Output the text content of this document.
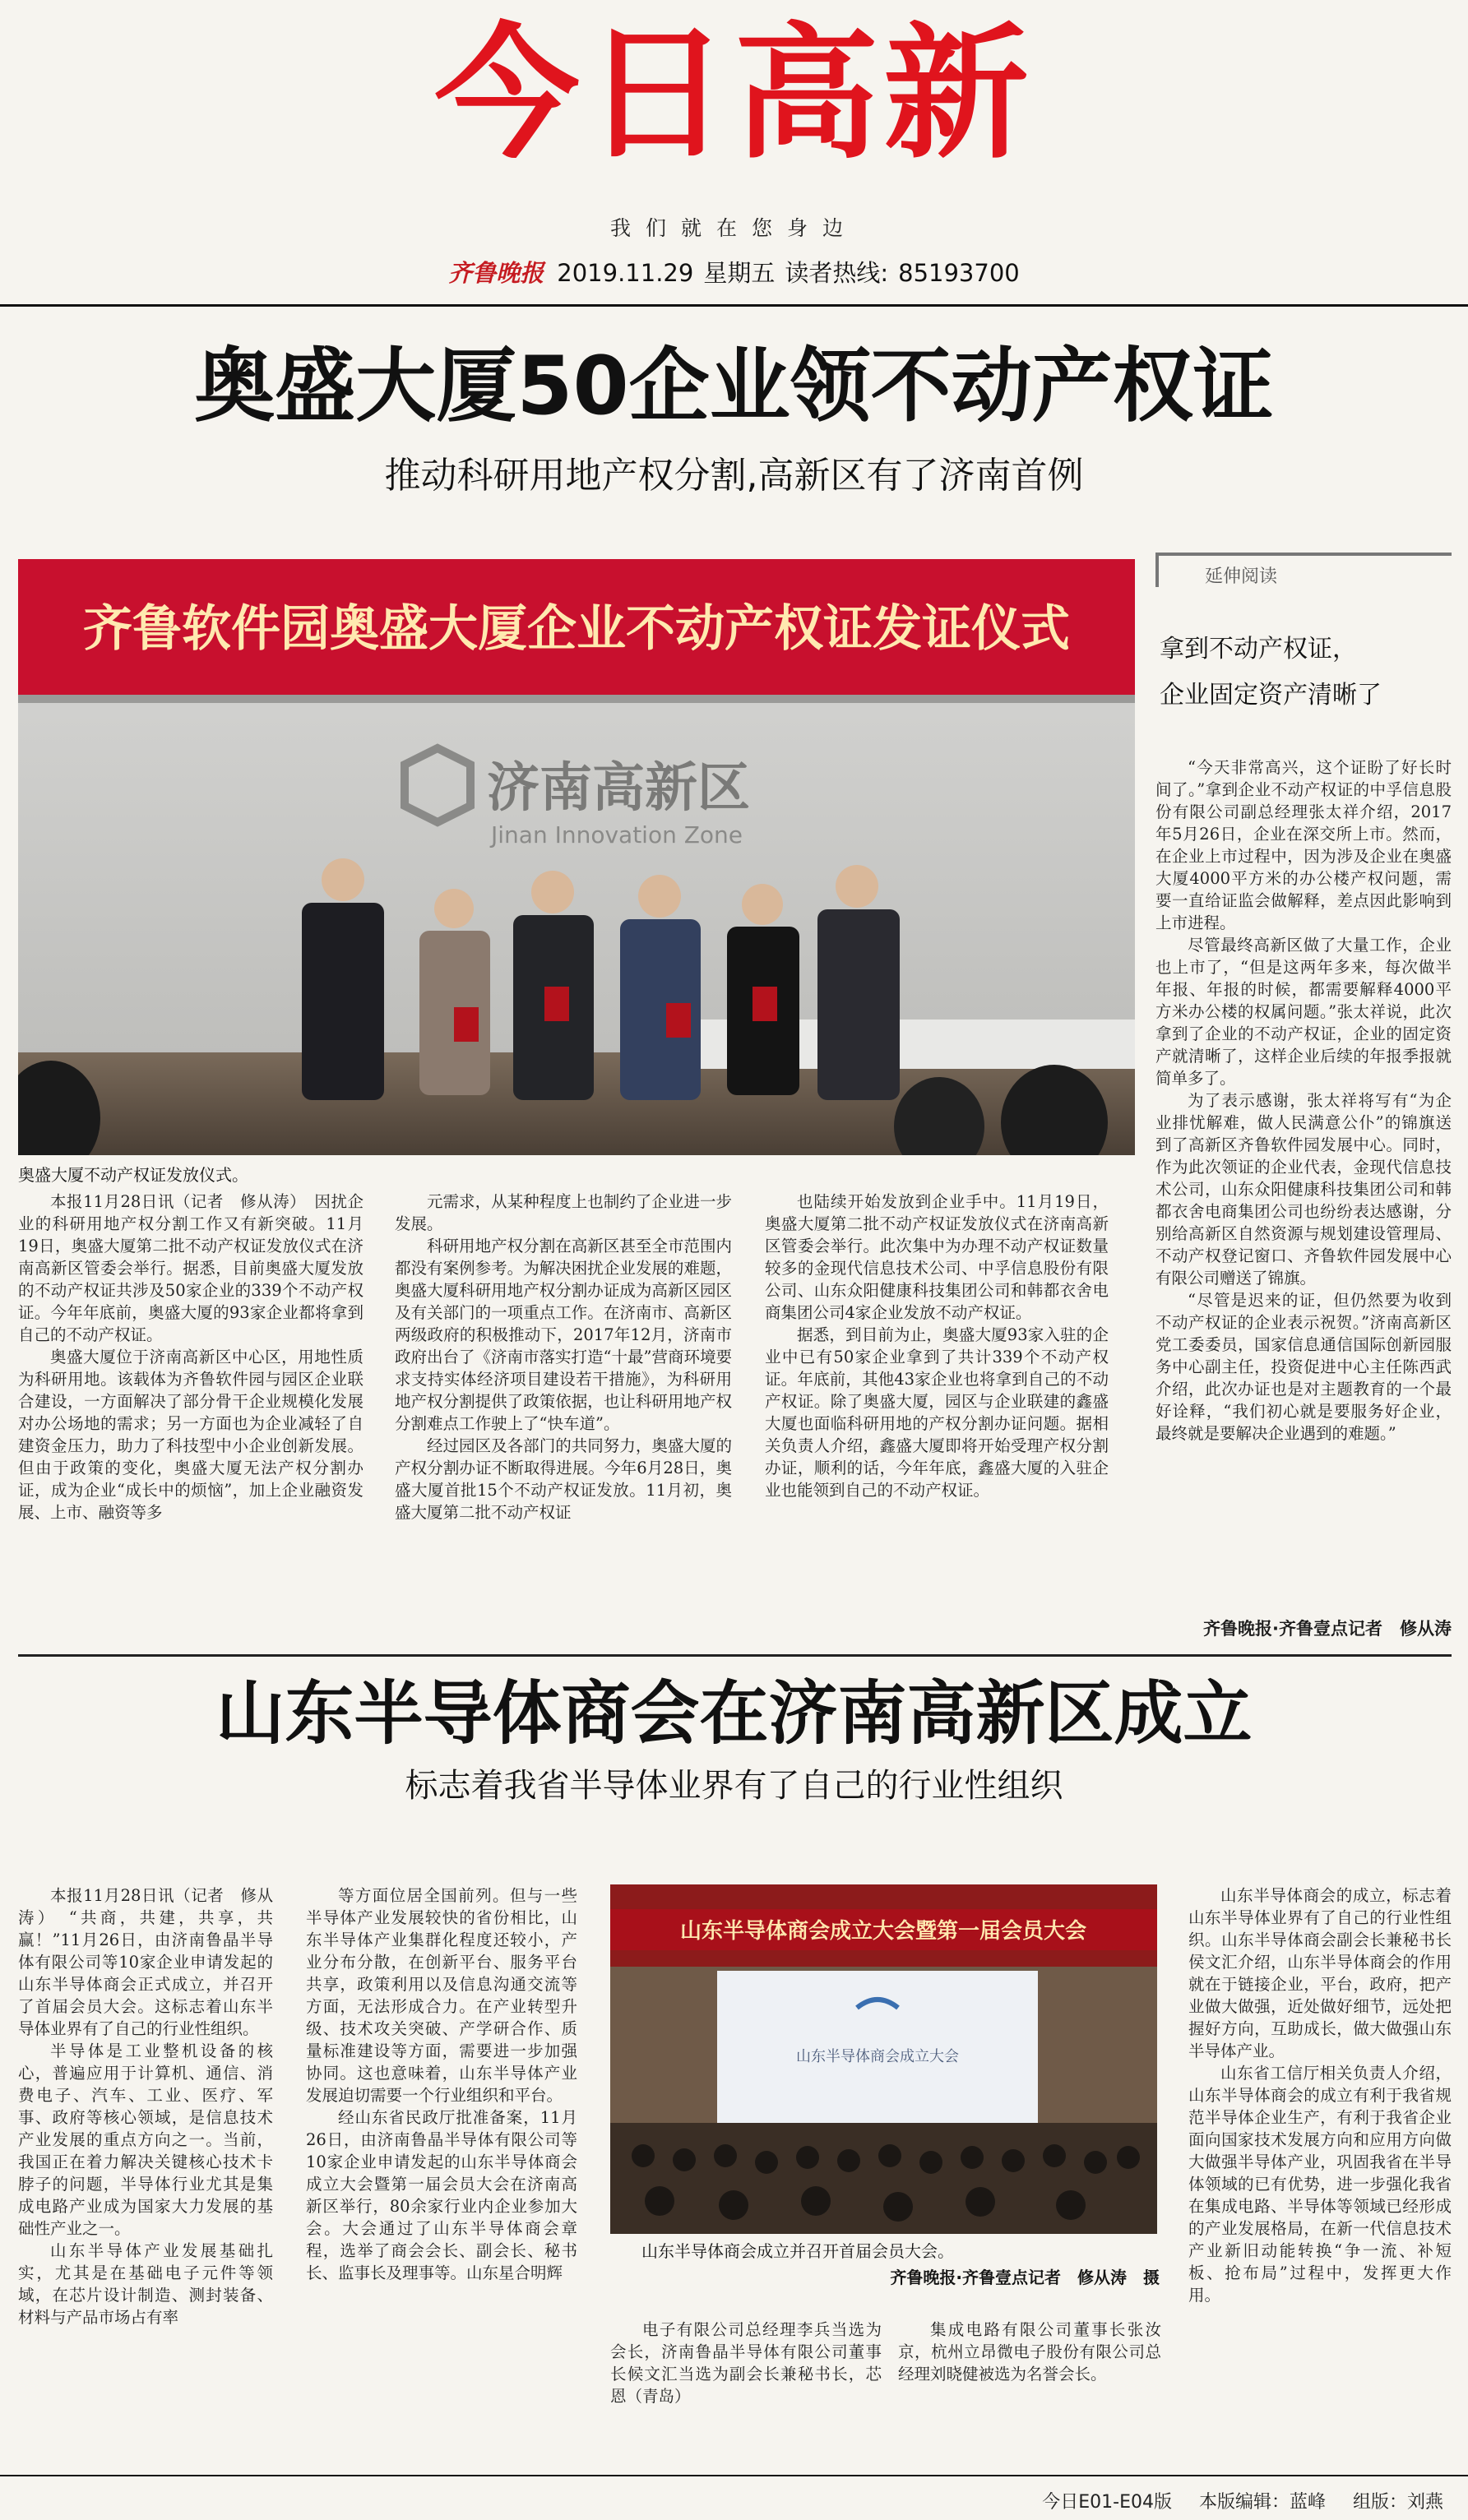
今日高新
我们就在您身边
齐鲁晚报 2019.11.29 星期五 读者热线: 85193700
奥盛大厦50企业领不动产权证
推动科研用地产权分割,高新区有了济南首例
齐鲁软件园奥盛大厦企业不动产权证发证仪式
济南高新区
Jinan Innovation Zone
奥盛大厦不动产权证发放仪式。

本报11月28日讯（记者　修从涛）　因扰企业的科研用地产权分割工作又有新突破。11月19日，奥盛大厦第二批不动产权证发放仪式在济南高新区管委会举行。据悉，目前奥盛大厦发放的不动产权证共涉及50家企业的339个不动产权证。今年年底前，奥盛大厦的93家企业都将拿到自己的不动产权证。

奥盛大厦位于济南高新区中心区，用地性质为科研用地。该载体为齐鲁软件园与园区企业联合建设，一方面解决了部分骨干企业规模化发展对办公场地的需求；另一方面也为企业减轻了自建资金压力，助力了科技型中小企业创新发展。但由于政策的变化，奥盛大厦无法产权分割办证，成为企业“成长中的烦恼”，加上企业融资发展、上市、融资等多

元需求，从某种程度上也制约了企业进一步发展。

科研用地产权分割在高新区甚至全市范围内都没有案例参考。为解决困扰企业发展的难题，奥盛大厦科研用地产权分割办证成为高新区园区及有关部门的一项重点工作。在济南市、高新区两级政府的积极推动下，2017年12月，济南市政府出台了《济南市落实打造“十最”营商环境要求支持实体经济项目建设若干措施》，为科研用地产权分割提供了政策依据，也让科研用地产权分割难点工作驶上了“快车道”。

经过园区及各部门的共同努力，奥盛大厦的产权分割办证不断取得进展。今年6月28日，奥盛大厦首批15个不动产权证发放。11月初，奥盛大厦第二批不动产权证

也陆续开始发放到企业手中。11月19日，奥盛大厦第二批不动产权证发放仪式在济南高新区管委会举行。此次集中为办理不动产权证数量较多的金现代信息技术公司、中孚信息股份有限公司、山东众阳健康科技集团公司和韩都衣舍电商集团公司4家企业发放不动产权证。

据悉，到目前为止，奥盛大厦93家入驻的企业中已有50家企业拿到了共计339个不动产权证。年底前，其他43家企业也将拿到自己的不动产权证。除了奥盛大厦，园区与企业联建的鑫盛大厦也面临科研用地的产权分割办证问题。据相关负责人介绍，鑫盛大厦即将开始受理产权分割办证，顺利的话，今年年底，鑫盛大厦的入驻企业也能领到自己的不动产权证。

延伸阅读
拿到不动产权证，
企业固定资产清晰了

“今天非常高兴，这个证盼了好长时间了。”拿到企业不动产权证的中孚信息股份有限公司副总经理张太祥介绍，2017年5月26日，企业在深交所上市。然而，在企业上市过程中，因为涉及企业在奥盛大厦4000平方米的办公楼产权问题，需要一直给证监会做解释，差点因此影响到上市进程。

尽管最终高新区做了大量工作，企业也上市了，“但是这两年多来，每次做半年报、年报的时候，都需要解释4000平方米办公楼的权属问题。”张太祥说，此次拿到了企业的不动产权证，企业的固定资产就清晰了，这样企业后续的年报季报就简单多了。

为了表示感谢，张太祥将写有“为企业排忧解难，做人民满意公仆”的锦旗送到了高新区齐鲁软件园发展中心。同时，作为此次领证的企业代表，金现代信息技术公司，山东众阳健康科技集团公司和韩都衣舍电商集团公司也纷纷表达感谢，分别给高新区自然资源与规划建设管理局、不动产权登记窗口、齐鲁软件园发展中心有限公司赠送了锦旗。

“尽管是迟来的证，但仍然要为收到不动产权证的企业表示祝贺。”济南高新区党工委委员，国家信息通信国际创新园服务中心副主任，投资促进中心主任陈西武介绍，此次办证也是对主题教育的一个最好诠释，“我们初心就是要服务好企业，最终就是要解决企业遇到的难题。”

齐鲁晚报·齐鲁壹点记者　修从涛
山东半导体商会在济南高新区成立
标志着我省半导体业界有了自己的行业性组织
山东半导体商会成立大会暨第一届会员大会
山东半导体商会成立大会
山东半导体商会成立并召开首届会员大会。
齐鲁晚报·齐鲁壹点记者　修从涛　摄

本报11月28日讯（记者　修从涛）　“共商，共建，共享，共赢！”11月26日，由济南鲁晶半导体有限公司等10家企业申请发起的山东半导体商会正式成立，并召开了首届会员大会。这标志着山东半导体业界有了自己的行业性组织。

半导体是工业整机设备的核心，普遍应用于计算机、通信、消费电子、汽车、工业、医疗、军事、政府等核心领域，是信息技术产业发展的重点方向之一。当前，我国正在着力解决关键核心技术卡脖子的问题，半导体行业尤其是集成电路产业成为国家大力发展的基础性产业之一。

山东半导体产业发展基础扎实，尤其是在基础电子元件等领域，在芯片设计制造、测封装备、材料与产品市场占有率

等方面位居全国前列。但与一些半导体产业发展较快的省份相比，山东半导体产业集群化程度还较小，产业分布分散，在创新平台、服务平台共享，政策利用以及信息沟通交流等方面，无法形成合力。在产业转型升级、技术攻关突破、产学研合作、质量标准建设等方面，需要进一步加强协同。这也意味着，山东半导体产业发展迫切需要一个行业组织和平台。

经山东省民政厅批准备案，11月26日，由济南鲁晶半导体有限公司等10家企业申请发起的山东半导体商会成立大会暨第一届会员大会在济南高新区举行，80余家行业内企业参加大会。大会通过了山东半导体商会章程，选举了商会会长、副会长、秘书长、监事长及理事等。山东星合明辉

电子有限公司总经理李兵当选为会长，济南鲁晶半导体有限公司董事长候文汇当选为副会长兼秘书长，芯恩（青岛）

集成电路有限公司董事长张汝京，杭州立昂微电子股份有限公司总经理刘晓健被选为名誉会长。

山东半导体商会的成立，标志着山东半导体业界有了自己的行业性组织。山东半导体商会副会长兼秘书长侯文汇介绍，山东半导体商会的作用就在于链接企业，平台，政府，把产业做大做强，近处做好细节，远处把握好方向，互助成长，做大做强山东半导体产业。

山东省工信厅相关负责人介绍，山东半导体商会的成立有利于我省规范半导体企业生产，有利于我省企业面向国家技术发展方向和应用方向做大做强半导体产业，巩固我省在半导体领域的已有优势，进一步强化我省在集成电路、半导体等领域已经形成的产业发展格局，在新一代信息技术产业新旧动能转换“争一流、补短板、抢布局”过程中，发挥更大作用。

今日E01-E04版 本版编辑：蓝峰 组版：刘燕
